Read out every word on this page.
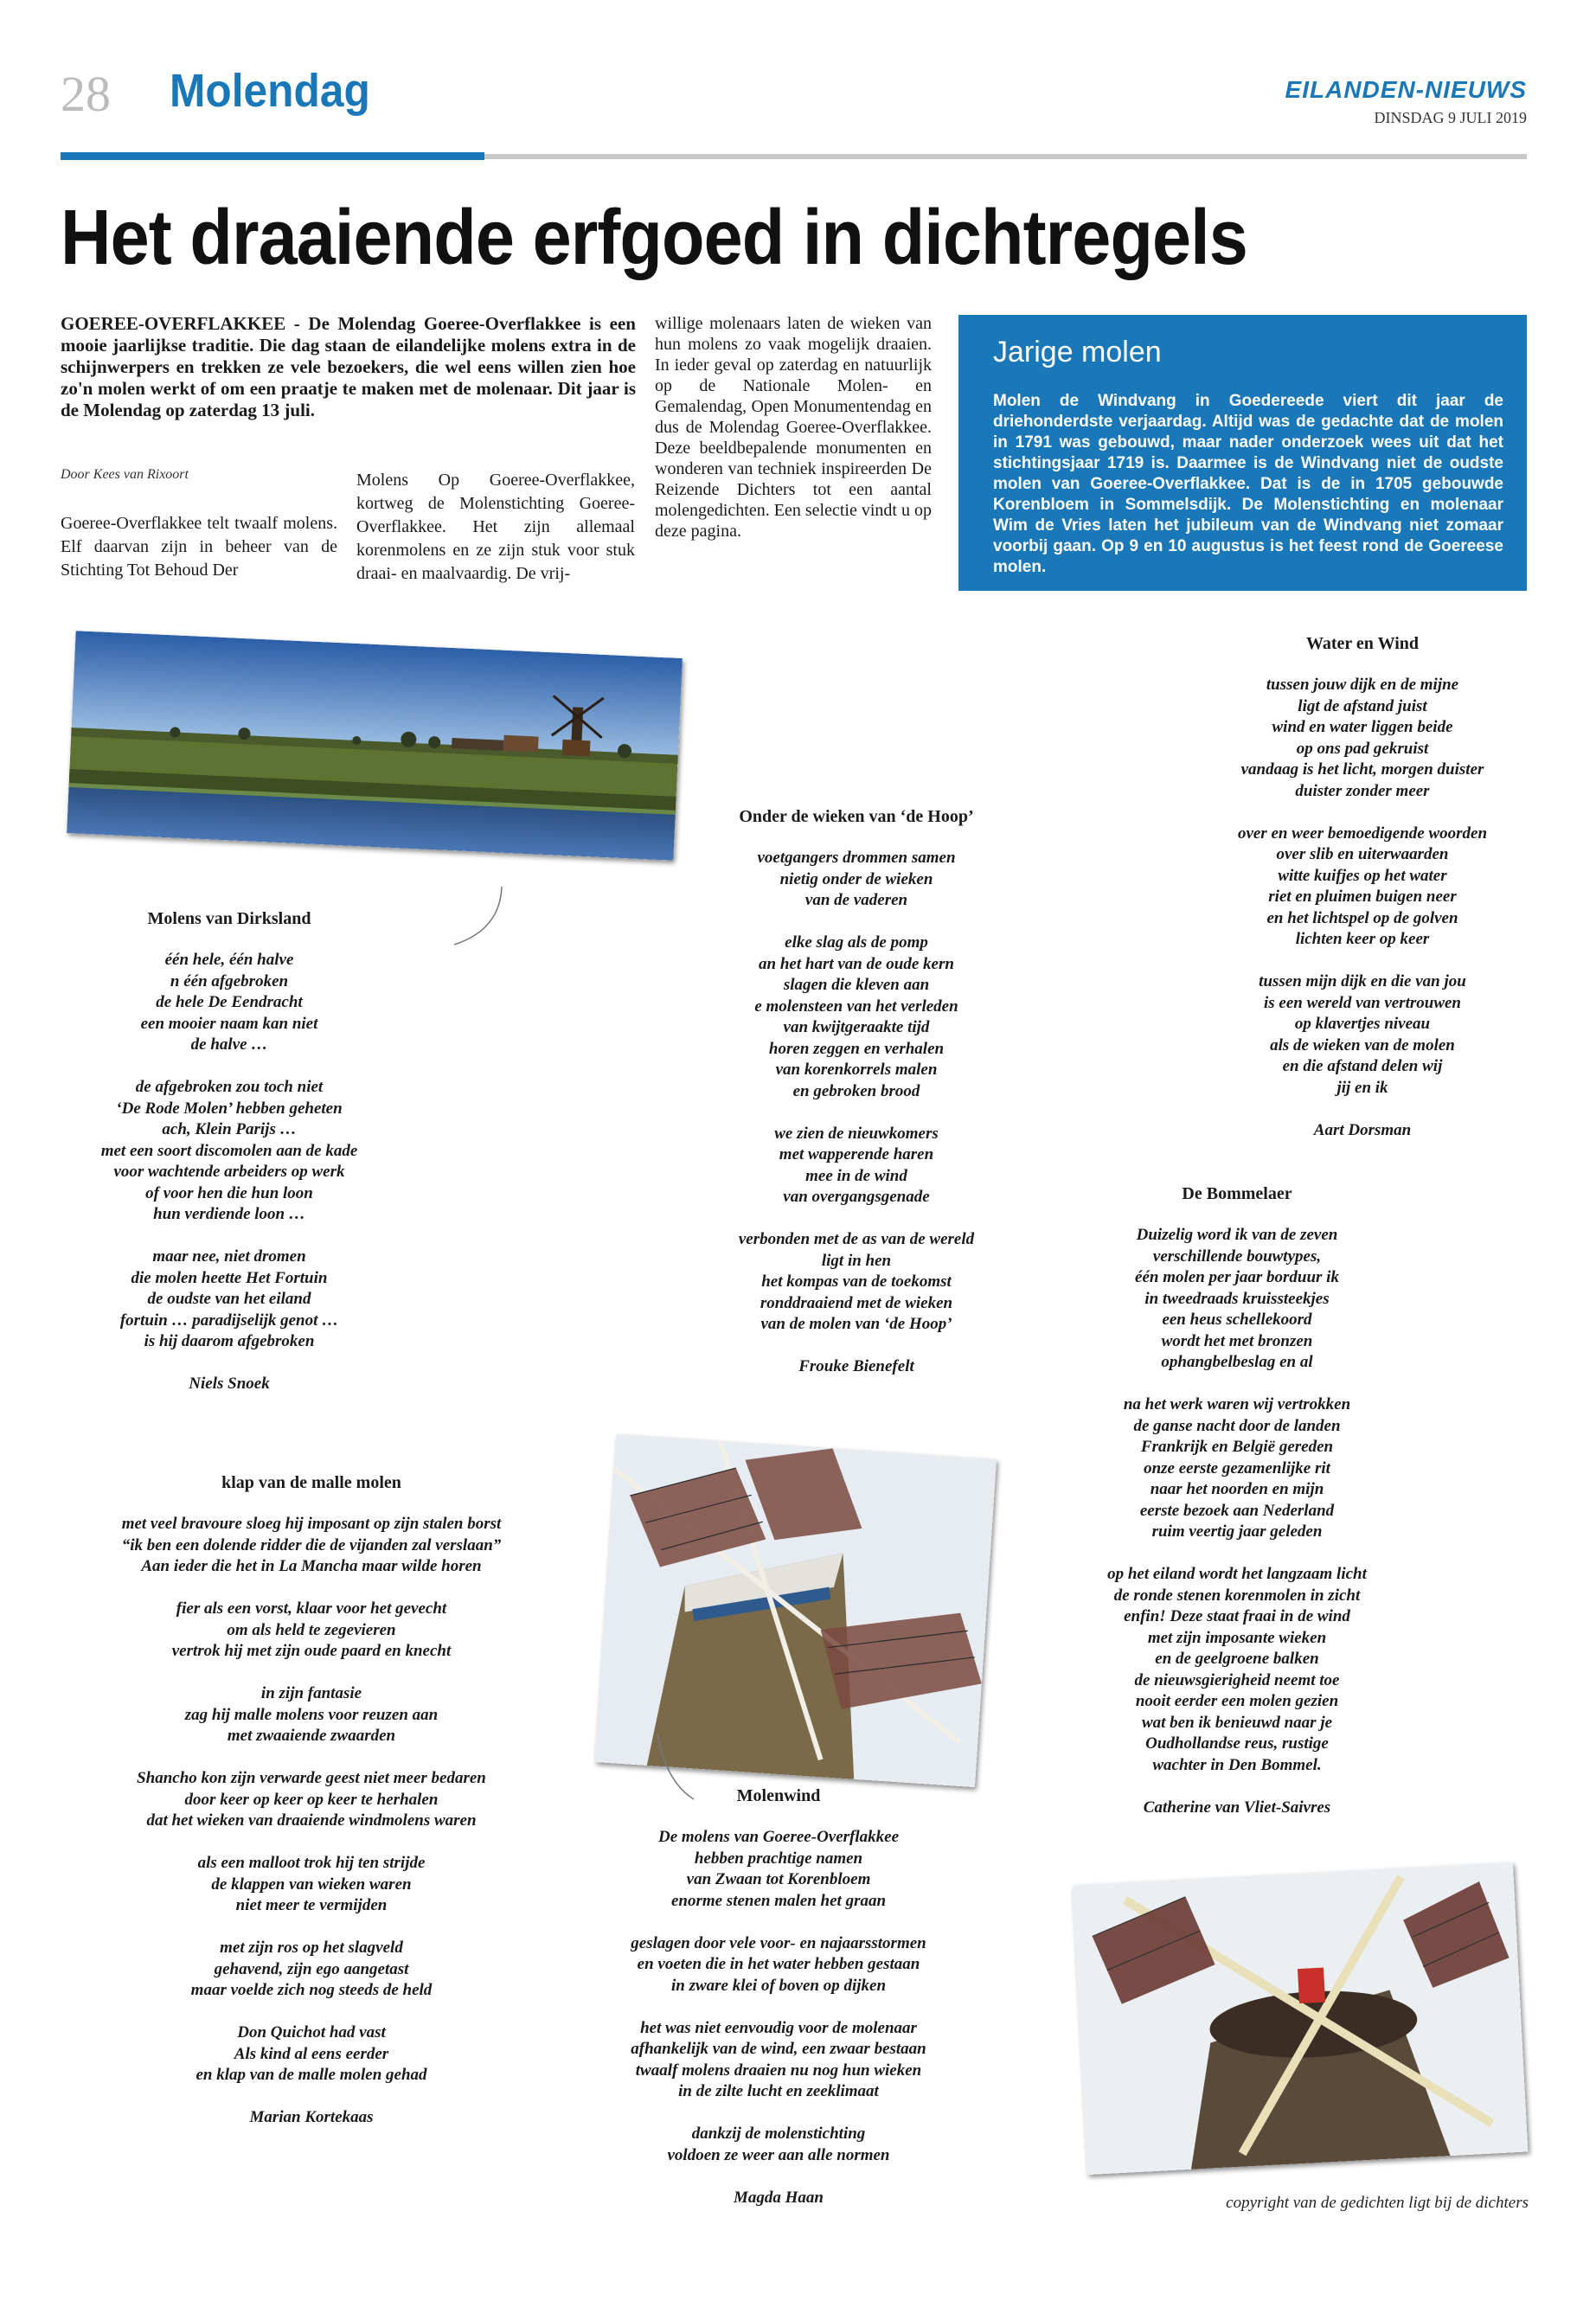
28 Molendag	EILANDEN-NIEUWS
DINSDAG 9 JULI 2019
Het draaiende erfgoed in dichtregels
GOEREE-OVERFLAKKEE - De Molendag Goeree-Overflakkee is een mooie jaarlijkse traditie. Die dag staan de eilandelijke molens extra in de schijnwerpers en trekken ze vele bezoekers, die wel eens willen zien hoe zo'n molen werkt of om een praatje te maken met de molenaar. Dit jaar is de Molendag op zaterdag 13 juli.
Door Kees van Rixoort
Goeree-Overflakkee telt twaalf molens. Elf daarvan zijn in beheer van de Stichting Tot Behoud Der
Molens Op Goeree-Overflakkee, kortweg de Molenstichting Goeree-Overflakkee. Het zijn allemaal korenmolens en ze zijn stuk voor stuk draai- en maalvaardig. De vrij-
willige molenaars laten de wieken van hun molens zo vaak mogelijk draaien. In ieder geval op zaterdag en natuurlijk op de Nationale Molen- en Gemalendag, Open Monumentendag en dus de Molendag Goeree-Overflakkee. Deze beeldbepalende monumenten en wonderen van techniek inspireerden De Reizende Dichters tot een aantal molengedichten. Een selectie vindt u op deze pagina.
Jarige molen
Molen de Windvang in Goedereede viert dit jaar de driehonderdste verjaardag. Altijd was de gedachte dat de molen in 1791 was gebouwd, maar nader onderzoek wees uit dat het stichtingsjaar 1719 is. Daarmee is de Windvang niet de oudste molen van Goeree-Overflakkee. Dat is de in 1705 gebouwde Korenbloem in Sommelsdijk. De Molenstichting en molenaar Wim de Vries laten het jubileum van de Windvang niet zomaar voorbij gaan. Op 9 en 10 augustus is het feest rond de Goereese molen.
Molens van Dirksland

één hele, één halve
n één afgebroken
de hele De Eendracht
een mooier naam kan niet
de halve …

de afgebroken zou toch niet
‘De Rode Molen’ hebben geheten
ach, Klein Parijs …
met een soort discomolen aan de kade
voor wachtende arbeiders op werk
of voor hen die hun loon
hun verdiende loon …

maar nee, niet dromen
die molen heette Het Fortuin
de oudste van het eiland
fortuin … paradijselijk genot …
is hij daarom afgebroken

Niels Snoek

klap van de malle molen

met veel bravoure sloeg hij imposant op zijn stalen borst
“ik ben een dolende ridder die de vijanden zal verslaan”
Aan ieder die het in La Mancha maar wilde horen

fier als een vorst, klaar voor het gevecht
om als held te zegevieren
vertrok hij met zijn oude paard en knecht

in zijn fantasie
zag hij malle molens voor reuzen aan
met zwaaiende zwaarden

Shancho kon zijn verwarde geest niet meer bedaren
door keer op keer op keer te herhalen
dat het wieken van draaiende windmolens waren

als een malloot trok hij ten strijde
de klappen van wieken waren
niet meer te vermijden

met zijn ros op het slagveld
gehavend, zijn ego aangetast
maar voelde zich nog steeds de held

Don Quichot had vast
Als kind al eens eerder
en klap van de malle molen gehad

Marian Kortekaas

Onder de wieken van ‘de Hoop’

voetgangers drommen samen
nietig onder de wieken
van de vaderen

elke slag als de pomp
an het hart van de oude kern
slagen die kleven aan
e molensteen van het verleden
van kwijtgeraakte tijd
horen zeggen en verhalen
van korenkorrels malen
en gebroken brood

we zien de nieuwkomers
met wapperende haren
mee in de wind
van overgangsgenade

verbonden met de as van de wereld
ligt in hen
het kompas van de toekomst
ronddraaiend met de wieken
van de molen van ‘de Hoop’

Frouke Bienefelt

Molenwind

De molens van Goeree-Overflakkee
hebben prachtige namen
van Zwaan tot Korenbloem
enorme stenen malen het graan

geslagen door vele voor- en najaarsstormen
en voeten die in het water hebben gestaan
in zware klei of boven op dijken

het was niet eenvoudig voor de molenaar
afhankelijk van de wind, een zwaar bestaan
twaalf molens draaien nu nog hun wieken
in de zilte lucht en zeeklimaat

dankzij de molenstichting
voldoen ze weer aan alle normen

Magda Haan

Water en Wind

tussen jouw dijk en de mijne
ligt de afstand juist
wind en water liggen beide
op ons pad gekruist
vandaag is het licht, morgen duister
duister zonder meer

over en weer bemoedigende woorden
over slib en uiterwaarden
witte kuifjes op het water
riet en pluimen buigen neer
en het lichtspel op de golven
lichten keer op keer

tussen mijn dijk en die van jou
is een wereld van vertrouwen
op klavertjes niveau
als de wieken van de molen
en die afstand delen wij
jij en ik

Aart Dorsman

De Bommelaer

Duizelig word ik van de zeven
verschillende bouwtypes,
één molen per jaar borduur ik
in tweedraads kruissteekjes
een heus schellekoord
wordt het met bronzen
ophangbelbeslag en al

na het werk waren wij vertrokken
de ganse nacht door de landen
Frankrijk en België gereden
onze eerste gezamenlijke rit
naar het noorden en mijn
eerste bezoek aan Nederland
ruim veertig jaar geleden

op het eiland wordt het langzaam licht
de ronde stenen korenmolen in zicht
enfin! Deze staat fraai in de wind
met zijn imposante wieken
en de geelgroene balken
de nieuwsgierigheid neemt toe
nooit eerder een molen gezien
wat ben ik benieuwd naar je
Oudhollandse reus, rustige
wachter in Den Bommel.

Catherine van Vliet-Saivres

copyright van de gedichten ligt bij de dichters
